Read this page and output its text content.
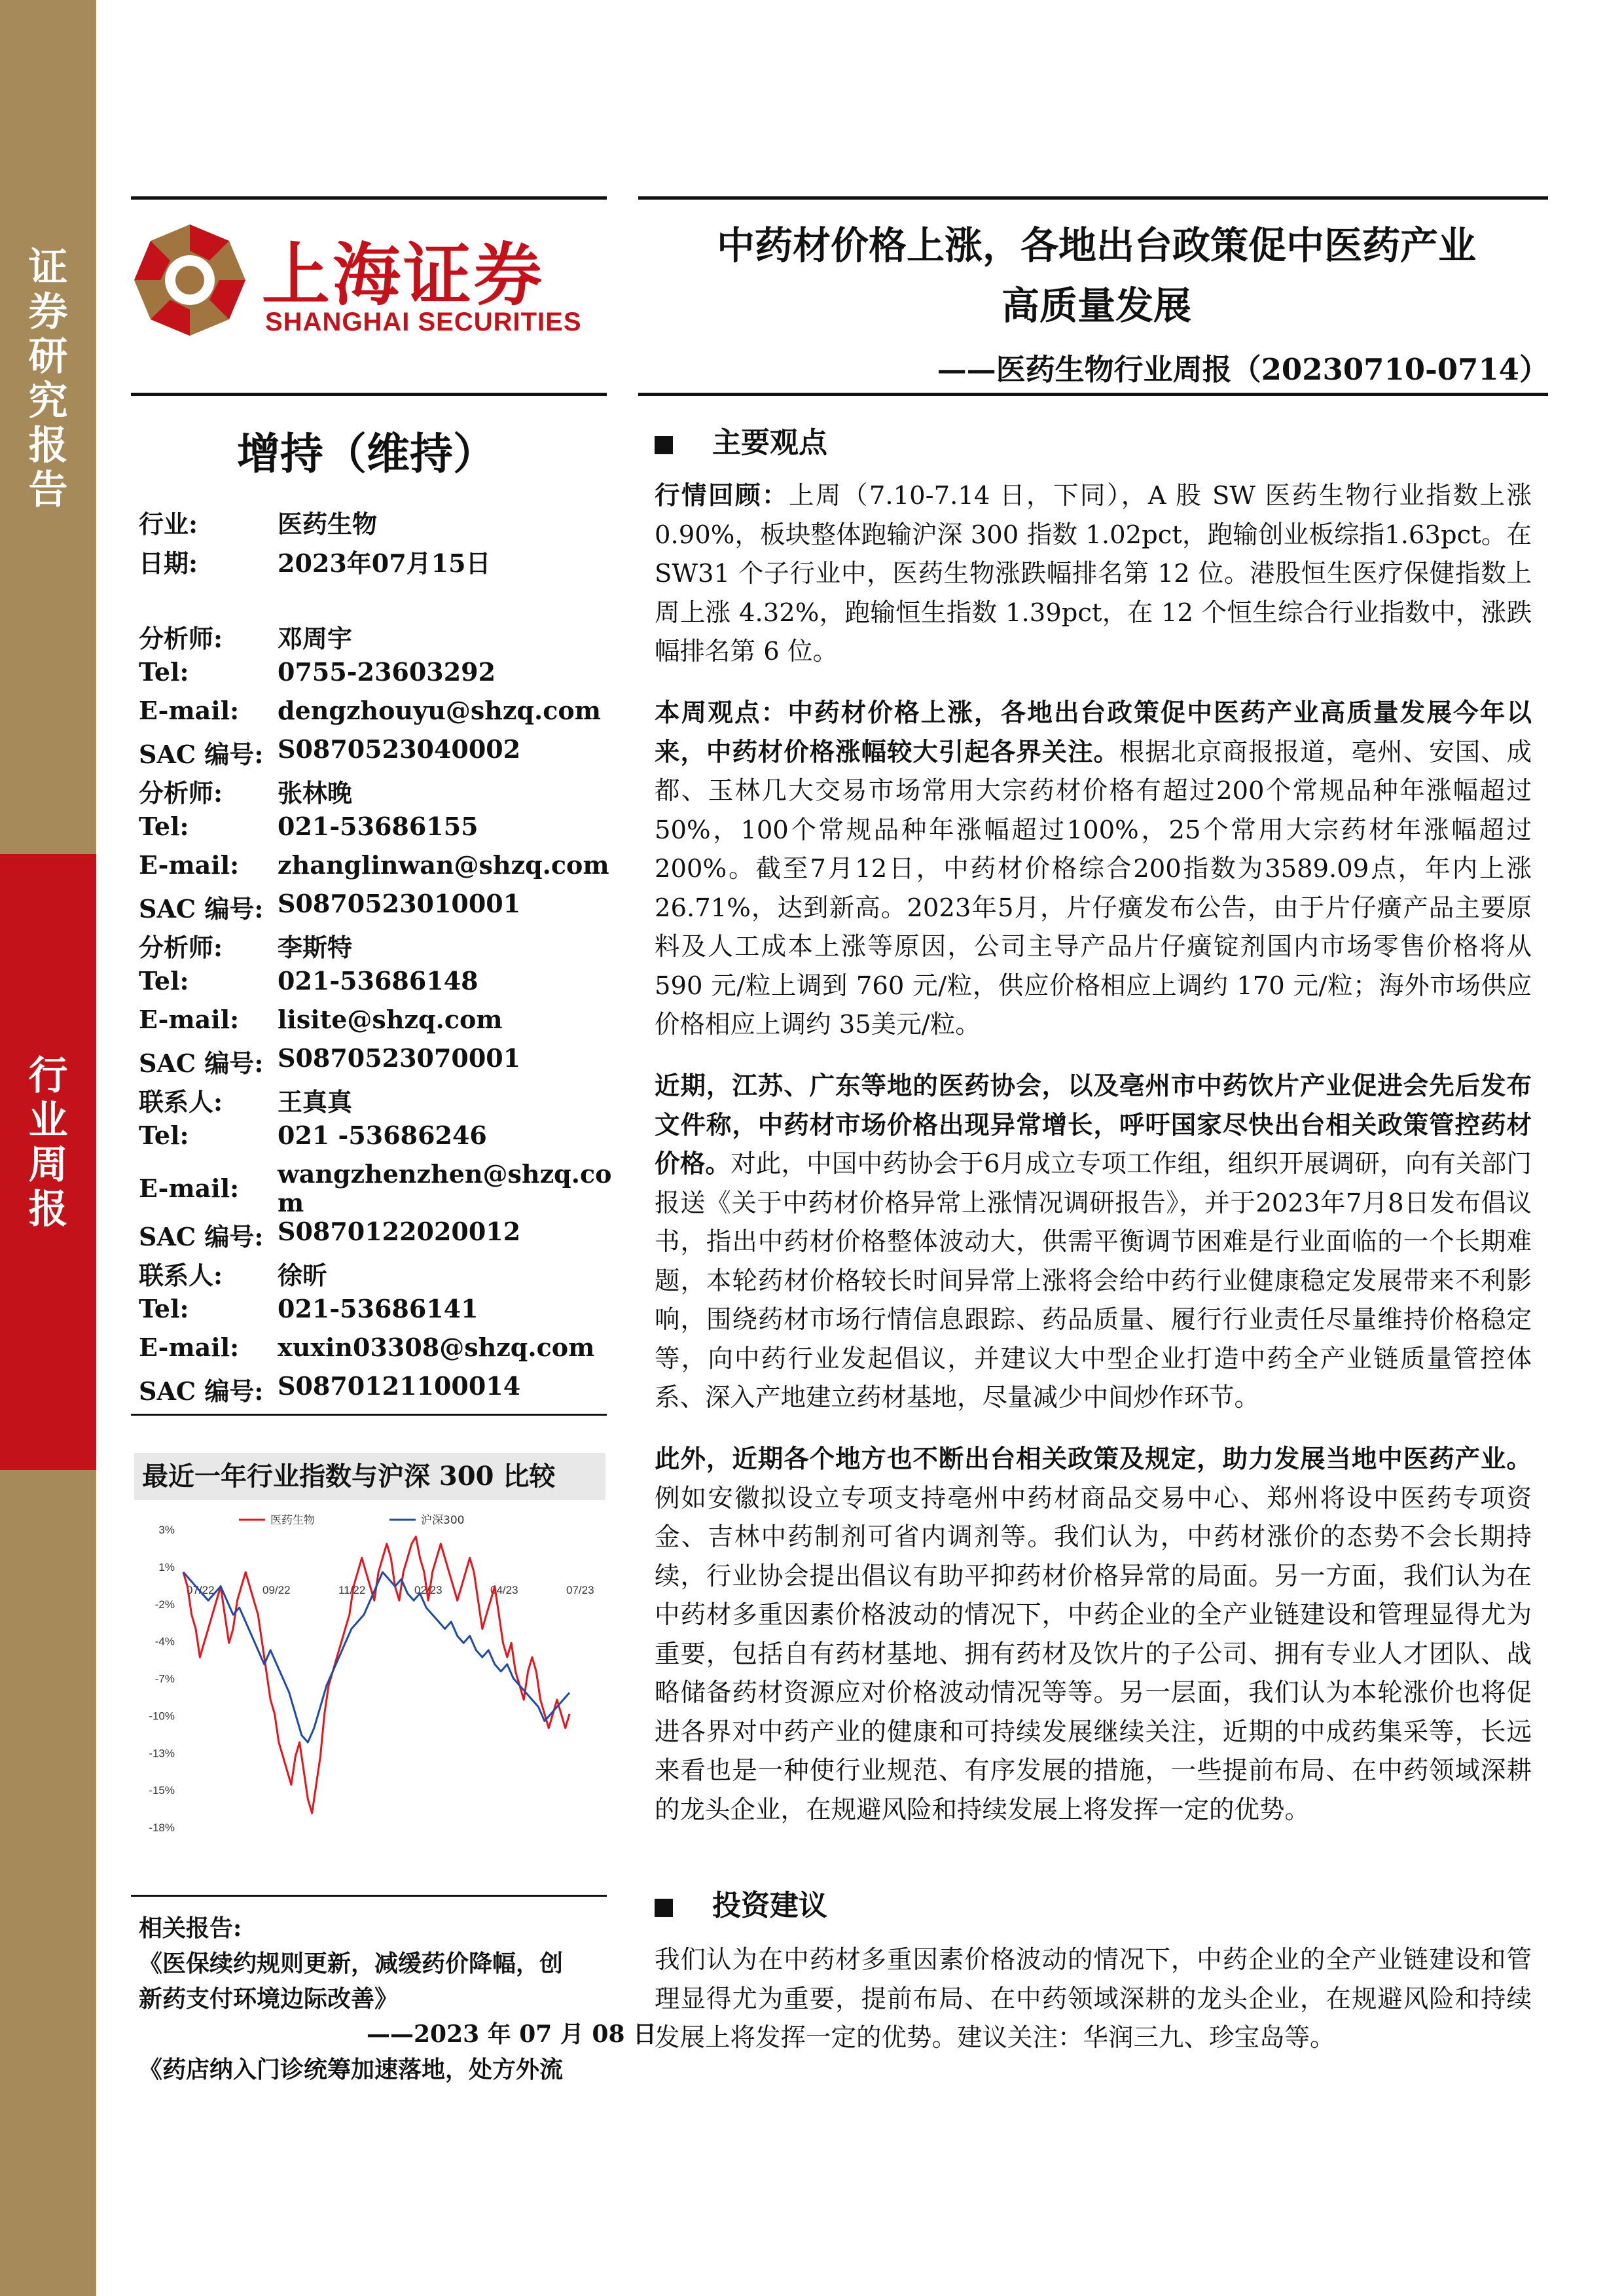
证
券
研
究
报
告
行
业
周
报
上海证券
SHANGHAI SECURITIES
中药材价格上涨，各地出台政策促中医药产业
高质量发展
——医药生物行业周报（20230710-0714）
增持（维持）
行业:	医药生物
日期:	2023年07月15日
分析师: 邓周宇
Tel:	0755-23603292
E-mail: dengzhouyu@shzq.com
SAC 编号: S0870523040002
分析师: 张林晚
Tel:	021-53686155
E-mail: zhanglinwan@shzq.com
SAC 编号: S0870523010001
分析师: 李斯特
Tel:	021-53686148
E-mail: lisite@shzq.com
SAC 编号: S0870523070001
联系人: 王真真
Tel:	021 -53686246
E-mail: wangzhenzhen@shzq.co
m
SAC 编号: S0870122020012
联系人: 徐昕
Tel:	021-53686141
E-mail: xuxin03308@shzq.com
SAC 编号: S0870121100014
最近一年行业指数与沪深 300 比较
3%
1%
-2%
-4%
-7%
-10%
-13%
-15%
-18%
07/22	09/22	11/22	02/23	04/23	07/23
医药生物	沪深300
相关报告:
《医保续约规则更新，减缓药价降幅，创
新药支付环境边际改善》
——2023 年 07 月 08 日
《药店纳入门诊统筹加速落地，处方外流
主要观点
行情回顾：上周（7.10-7.14 日，下同），A 股 SW 医药生物行业指数上涨 0.90%，板块整体跑输沪深 300 指数 1.02pct，跑输创业板综指1.63pct。在 SW31 个子行业中，医药生物涨跌幅排名第 12 位。港股恒生医疗保健指数上周上涨 4.32%，跑输恒生指数 1.39pct，在 12 个恒生综合行业指数中，涨跌幅排名第 6 位。
本周观点：中药材价格上涨，各地出台政策促中医药产业高质量发展今年以来，中药材价格涨幅较大引起各界关注。根据北京商报报道，亳州、安国、成都、玉林几大交易市场常用大宗药材价格有超过200个常规品种年涨幅超过50%，100个常规品种年涨幅超过100%，25个常用大宗药材年涨幅超过200%。截至7月12日，中药材价格综合200指数为3589.09点，年内上涨26.71%，达到新高。2023年5月，片仔癀发布公告，由于片仔癀产品主要原料及人工成本上涨等原因，公司主导产品片仔癀锭剂国内市场零售价格将从 590 元/粒上调到 760 元/粒，供应价格相应上调约 170 元/粒；海外市场供应价格相应上调约 35美元/粒。
近期，江苏、广东等地的医药协会，以及亳州市中药饮片产业促进会先后发布文件称，中药材市场价格出现异常增长，呼吁国家尽快出台相关政策管控药材价格。对此，中国中药协会于6月成立专项工作组，组织开展调研，向有关部门报送《关于中药材价格异常上涨情况调研报告》，并于2023年7月8日发布倡议书，指出中药材价格整体波动大，供需平衡调节困难是行业面临的一个长期难题，本轮药材价格较长时间异常上涨将会给中药行业健康稳定发展带来不利影响，围绕药材市场行情信息跟踪、药品质量、履行行业责任尽量维持价格稳定等，向中药行业发起倡议，并建议大中型企业打造中药全产业链质量管控体系、深入产地建立药材基地，尽量减少中间炒作环节。
此外，近期各个地方也不断出台相关政策及规定，助力发展当地中医药产业。例如安徽拟设立专项支持亳州中药材商品交易中心、郑州将设中医药专项资金、吉林中药制剂可省内调剂等。我们认为，中药材涨价的态势不会长期持续，行业协会提出倡议有助平抑药材价格异常的局面。另一方面，我们认为在中药材多重因素价格波动的情况下，中药企业的全产业链建设和管理显得尤为重要，包括自有药材基地、拥有药材及饮片的子公司、拥有专业人才团队、战略储备药材资源应对价格波动情况等等。另一层面，我们认为本轮涨价也将促进各界对中药产业的健康和可持续发展继续关注，近期的中成药集采等，长远来看也是一种使行业规范、有序发展的措施，一些提前布局、在中药领域深耕的龙头企业，在规避风险和持续发展上将发挥一定的优势。
投资建议
我们认为在中药材多重因素价格波动的情况下，中药企业的全产业链建设和管理显得尤为重要，提前布局、在中药领域深耕的龙头企业，在规避风险和持续发展上将发挥一定的优势。建议关注：华润三九、珍宝岛等。
